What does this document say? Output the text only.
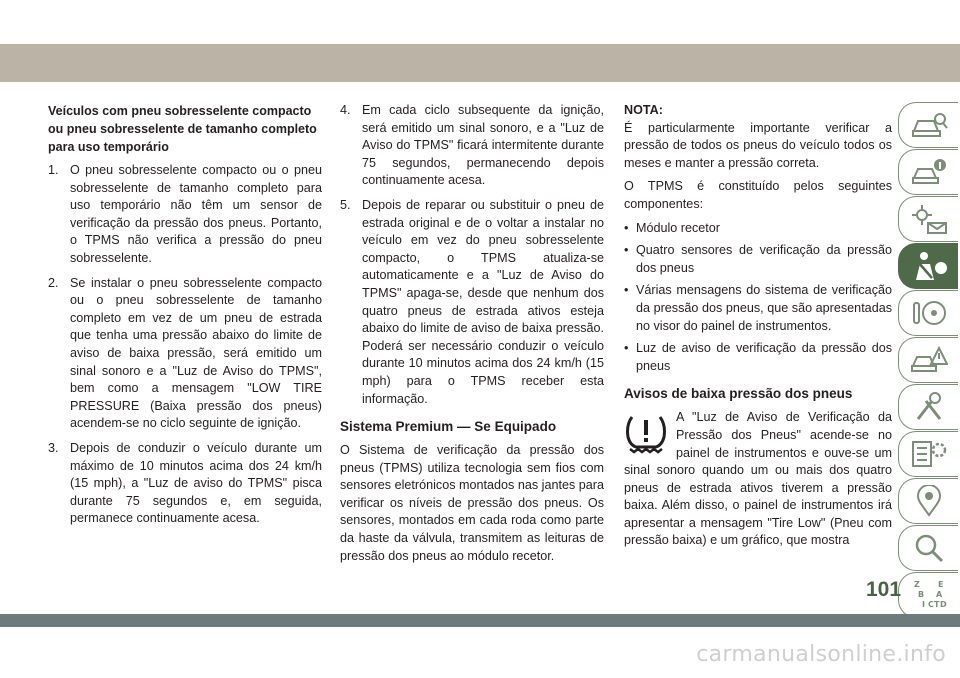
Veículos com pneu sobresselente compacto ou pneu sobresselente de tamanho completo para uso temporário
1. O pneu sobresselente compacto ou o pneu sobresselente de tamanho completo para uso temporário não têm um sensor de verificação da pressão dos pneus. Portanto, o TPMS não verifica a pressão do pneu sobresselente.
2. Se instalar o pneu sobresselente compacto ou o pneu sobresselente de tamanho completo em vez de um pneu de estrada que tenha uma pressão abaixo do limite de aviso de baixa pressão, será emitido um sinal sonoro e a "Luz de Aviso do TPMS", bem como a mensagem "LOW TIRE PRESSURE (Baixa pressão dos pneus) acendem-se no ciclo seguinte de ignição.
3. Depois de conduzir o veículo durante um máximo de 10 minutos acima dos 24 km/h (15 mph), a "Luz de aviso do TPMS" pisca durante 75 segundos e, em seguida, permanece continuamente acesa.
4. Em cada ciclo subsequente da ignição, será emitido um sinal sonoro, e a "Luz de Aviso do TPMS" ficará intermitente durante 75 segundos, permanecendo depois continuamente acesa.
5. Depois de reparar ou substituir o pneu de estrada original e de o voltar a instalar no veículo em vez do pneu sobresselente compacto, o TPMS atualiza-se automaticamente e a "Luz de Aviso do TPMS" apaga-se, desde que nenhum dos quatro pneus de estrada ativos esteja abaixo do limite de aviso de baixa pressão. Poderá ser necessário conduzir o veículo durante 10 minutos acima dos 24 km/h (15 mph) para o TPMS receber esta informação.
Sistema Premium — Se Equipado

O Sistema de verificação da pressão dos pneus (TPMS) utiliza tecnologia sem fios com sensores eletrónicos montados nas jantes para verificar os níveis de pressão dos pneus. Os sensores, montados em cada roda como parte da haste da válvula, transmitem as leituras de pressão dos pneus ao módulo recetor.

NOTA:

É particularmente importante verificar a pressão de todos os pneus do veículo todos os meses e manter a pressão correta.

O TPMS é constituído pelos seguintes componentes:

• Módulo recetor
• Quatro sensores de verificação da pressão dos pneus
• Várias mensagens do sistema de verificação da pressão dos pneus, que são apresentadas no visor do painel de instrumentos.
• Luz de aviso de verificação da pressão dos pneus
Avisos de baixa pressão dos pneus

A "Luz de Aviso de Verificação da Pressão dos Pneus" acende-se no painel de instrumentos e ouve-se um sinal sonoro quando um ou mais dos quatro pneus de estrada ativos tiverem a pressão baixa. Além disso, o painel de instrumentos irá apresentar a mensagem "Tire Low" (Pneu com pressão baixa) e um gráfico, que mostra

Z E
B A
I C T D
101
carmanualsonline.info
